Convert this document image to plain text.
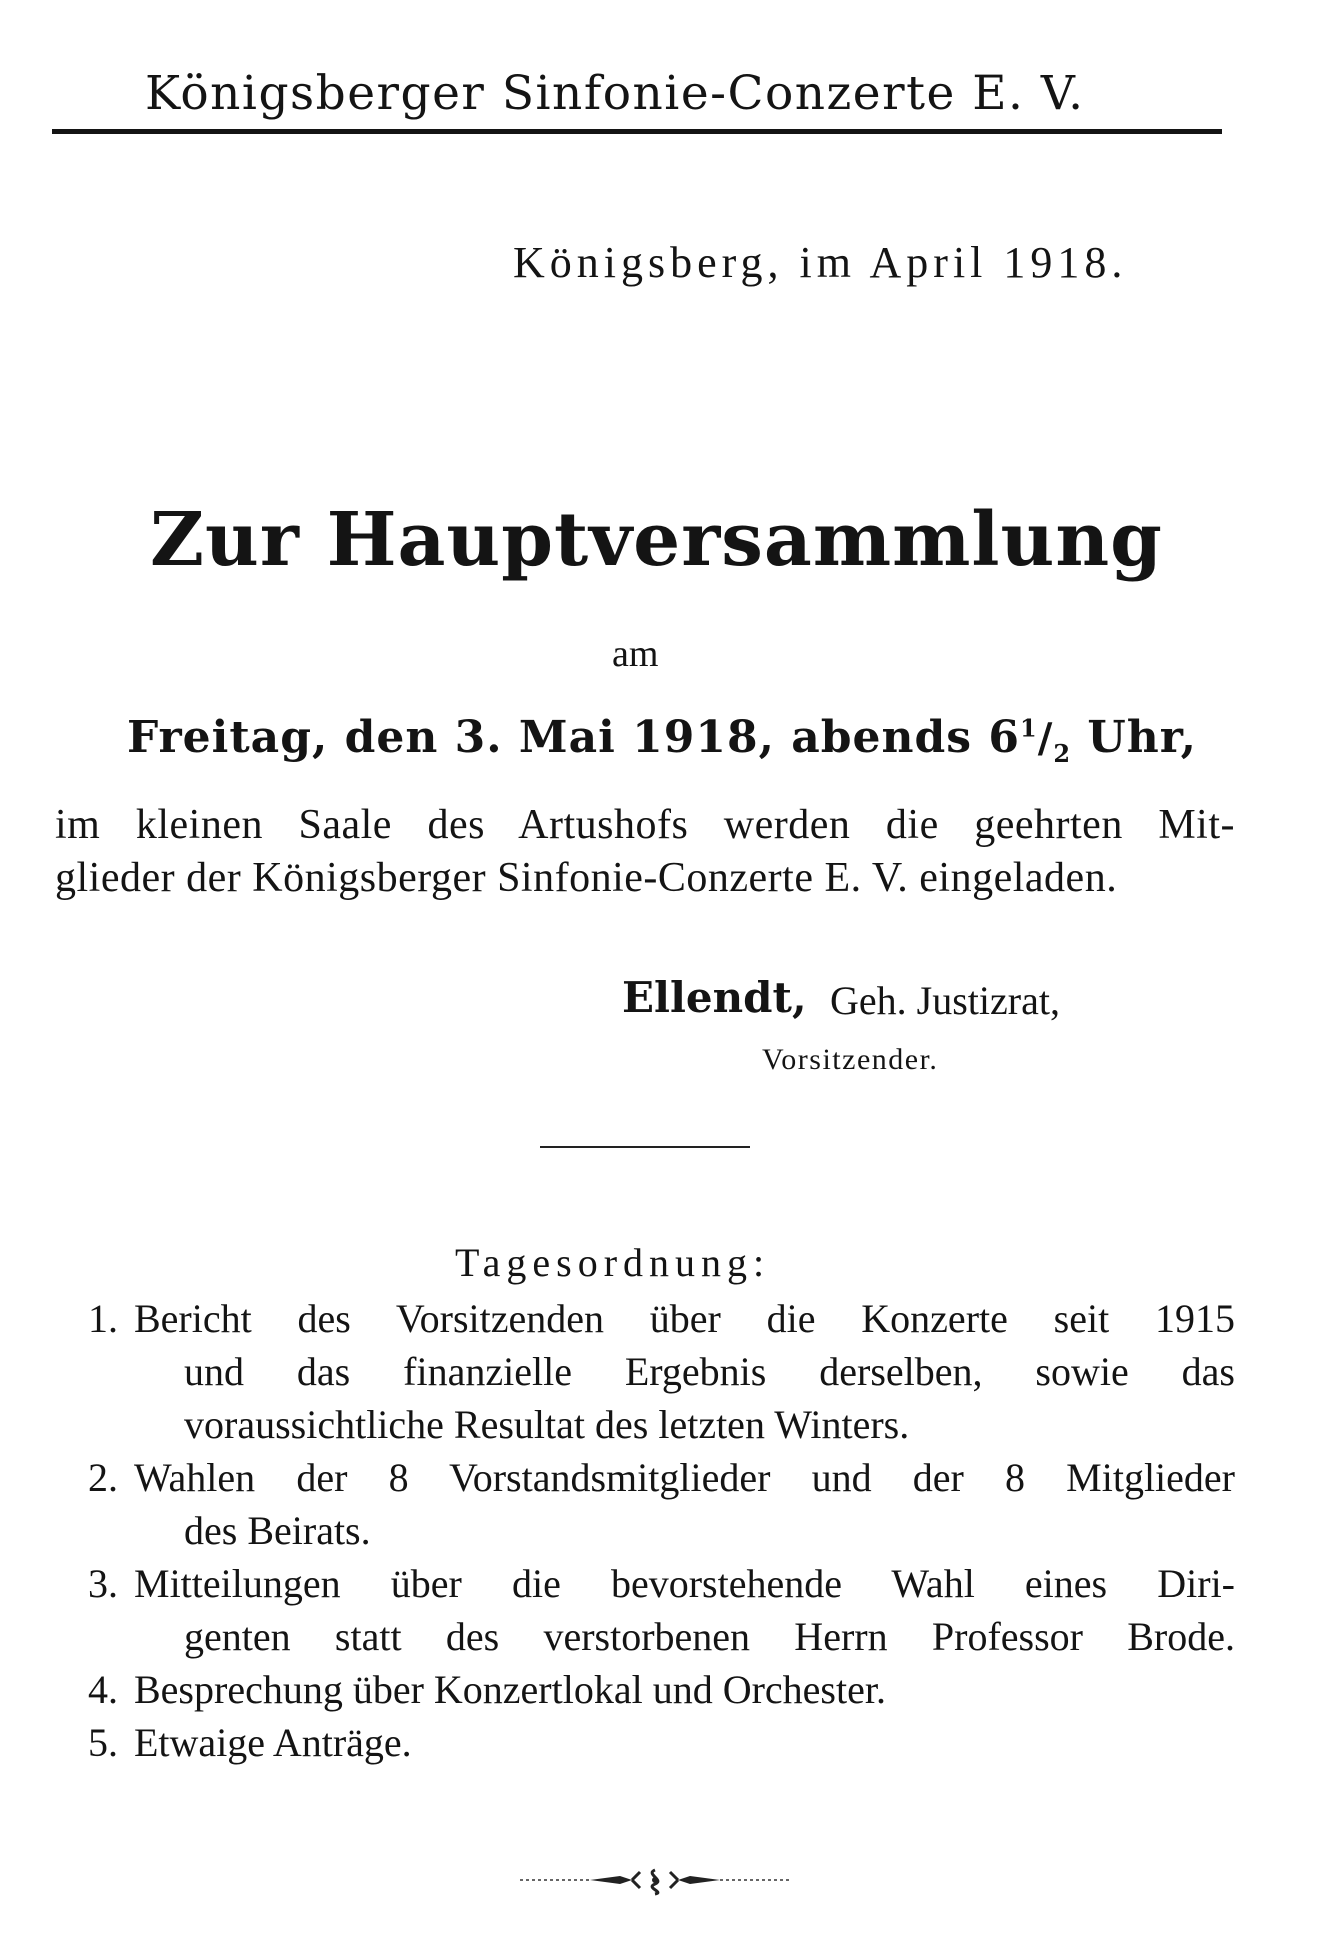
Königsberger Sinfonie-Conzerte E. V.
Königsberg, im April 1918.
Zur Hauptversammlung
am
Freitag, den 3. Mai 1918, abends $6^1/_2$ Uhr,
im kleinen Saale des Artushofs werden die geehrten Mit-
glieder der Königsberger Sinfonie-Conzerte E. V. eingeladen.
Ellendt, Geh. Justizrat,
Vorsitzender.
Tagesordnung:
1. Bericht des Vorsitzenden über die Konzerte seit 1915
und das finanzielle Ergebnis derselben, sowie das
voraussichtliche Resultat des letzten Winters.
2. Wahlen der 8 Vorstandsmitglieder und der 8 Mitglieder
des Beirats.
3. Mitteilungen über die bevorstehende Wahl eines Diri-
genten statt des verstorbenen Herrn Professor Brode.
4. Besprechung über Konzertlokal und Orchester.
5. Etwaige Anträge.
